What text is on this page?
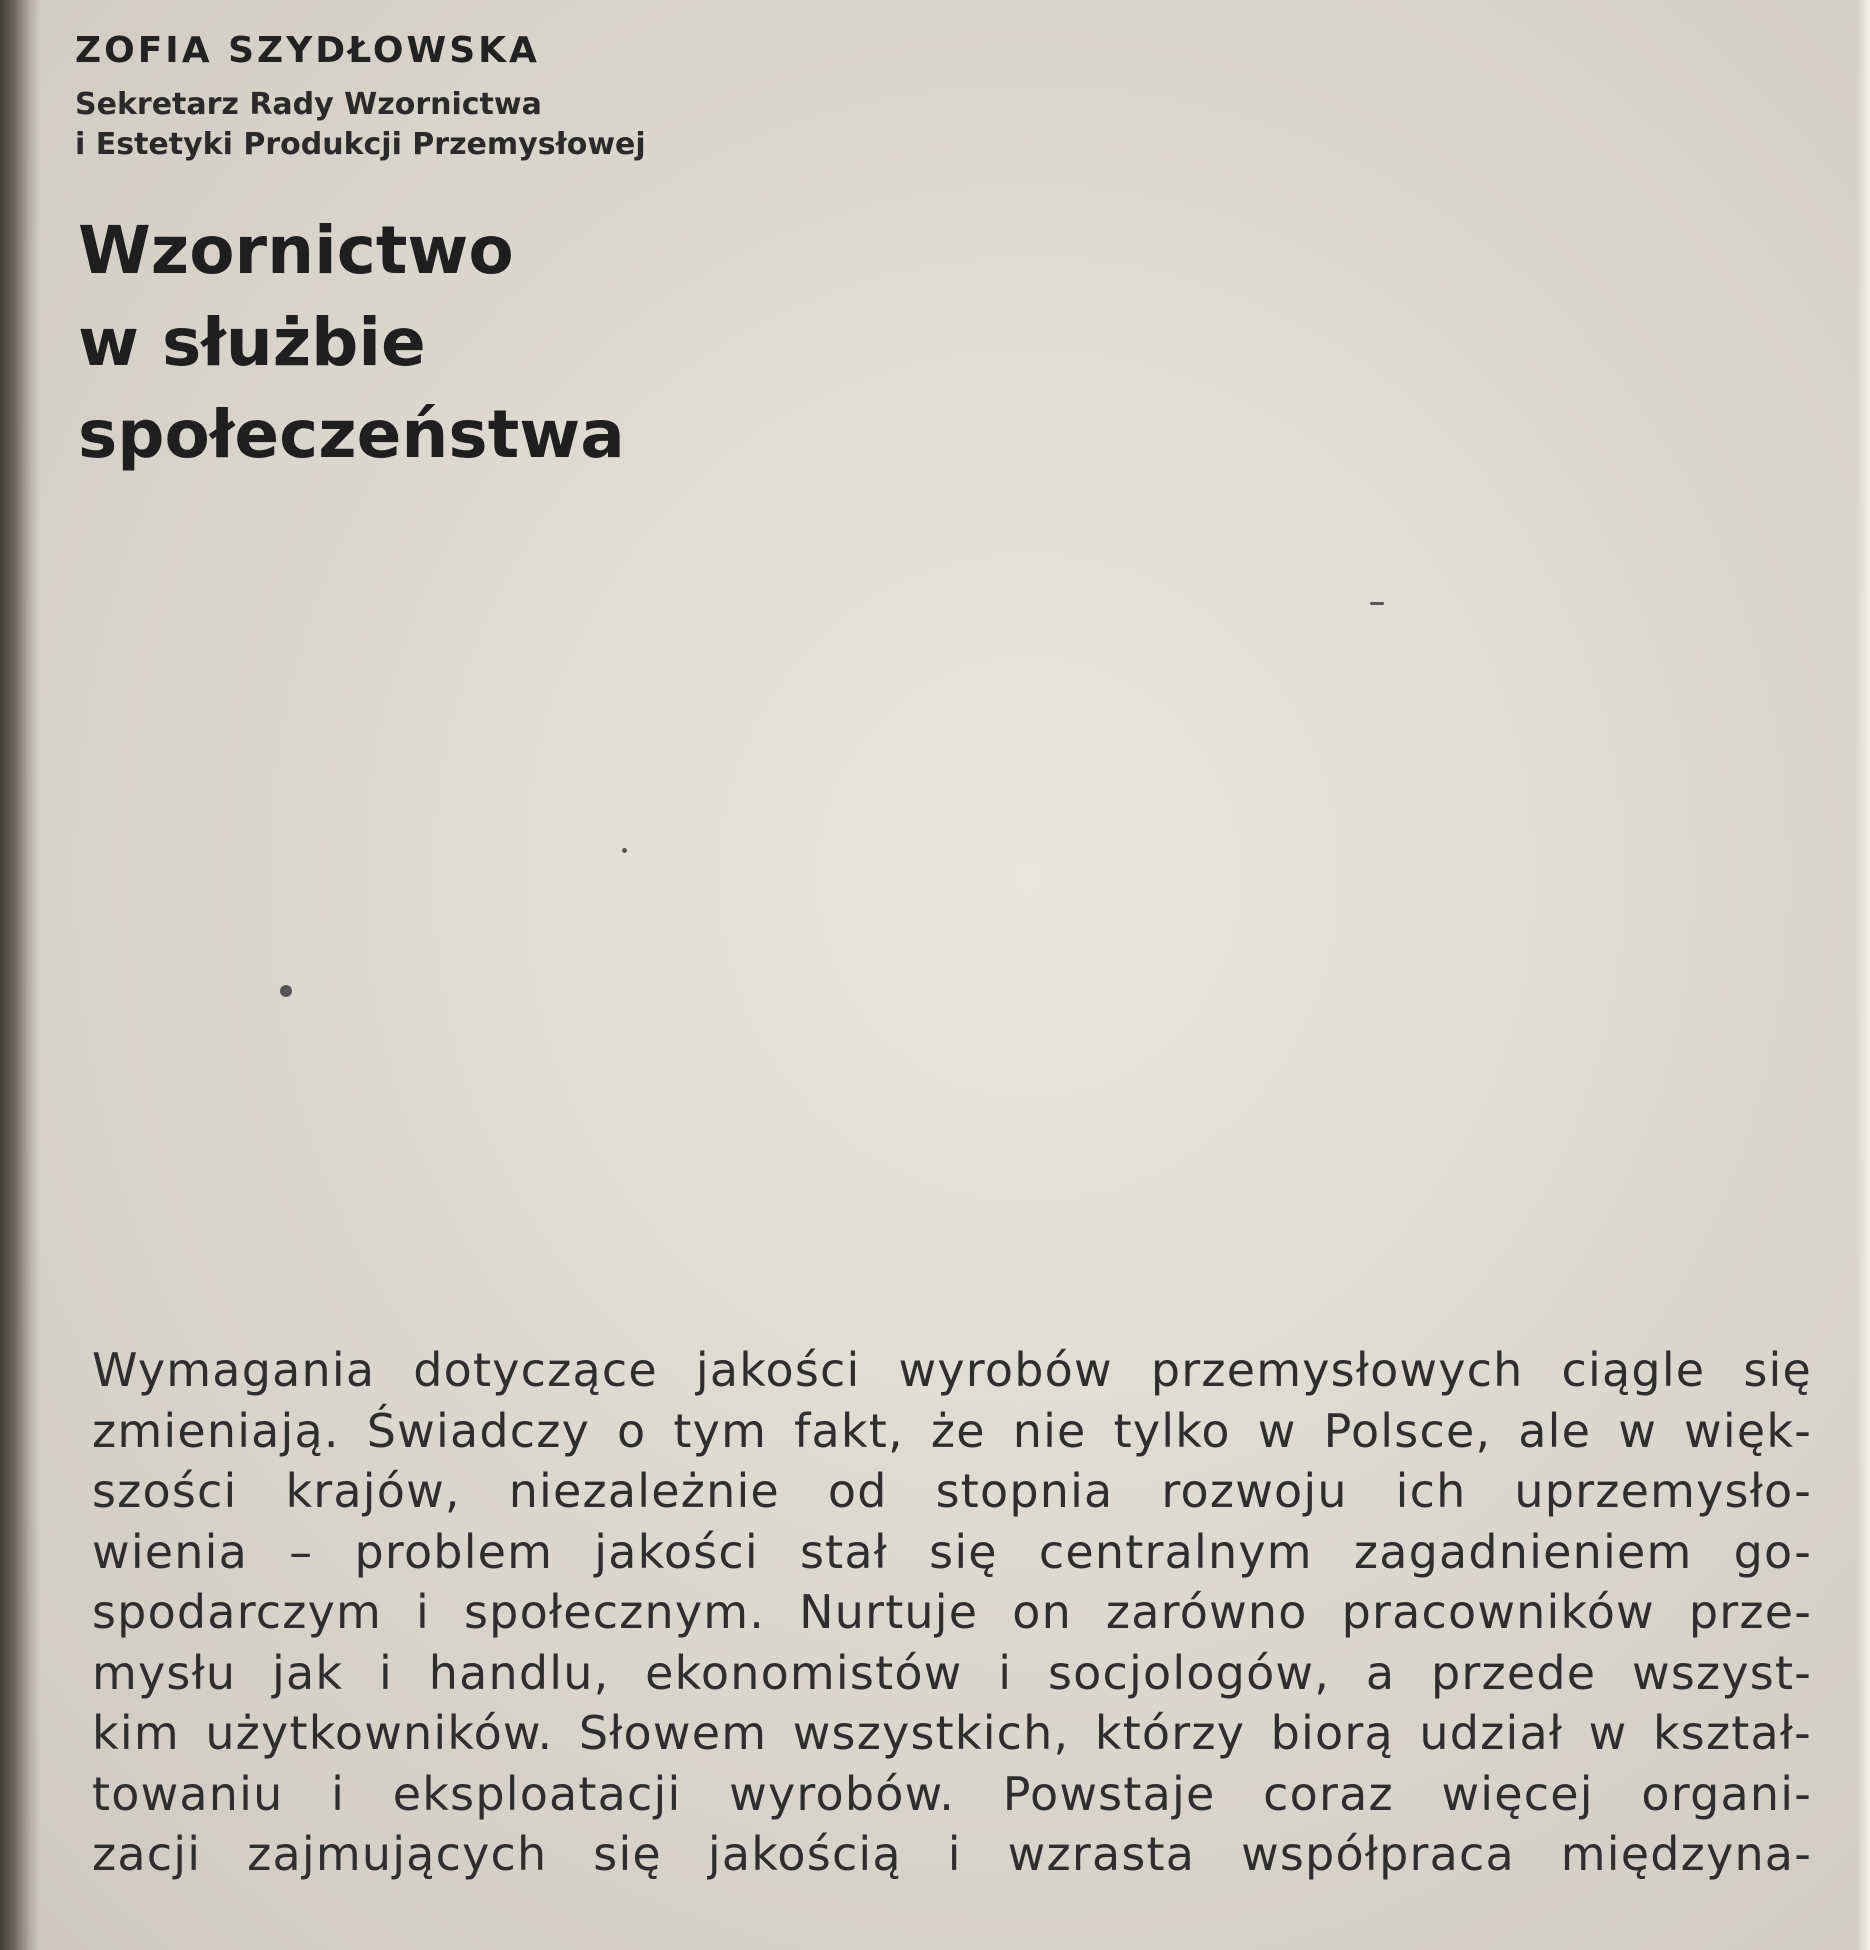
ZOFIA SZYDŁOWSKA

Sekretarz Rady Wzornictwa
i Estetyki Produkcji Przemysłowej
Wzornictwo
w służbie
społeczeństwa
Wymagania dotyczące jakości wyrobów przemysłowych ciągle się
zmieniają. Świadczy o tym fakt, że nie tylko w Polsce, ale w więk-
szości krajów, niezależnie od stopnia rozwoju ich uprzemysło-
wienia – problem jakości stał się centralnym zagadnieniem go-
spodarczym i społecznym. Nurtuje on zarówno pracowników prze-
mysłu jak i handlu, ekonomistów i socjologów, a przede wszyst-
kim użytkowników. Słowem wszystkich, którzy biorą udział w kształ-
towaniu i eksploatacji wyrobów. Powstaje coraz więcej organi-
zacji zajmujących się jakością i wzrasta współpraca międzyna-
